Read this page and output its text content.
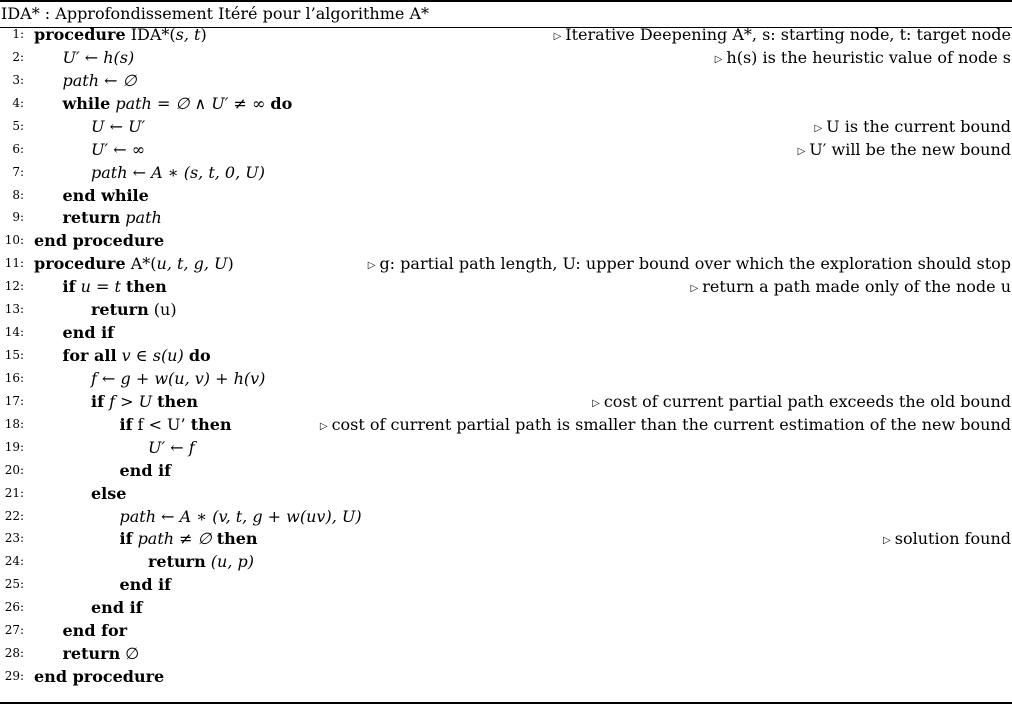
IDA* : Approfondissement Itéré pour l’algorithme A*
1: procedure IDA*(s, t)	▷ Iterative Deepening A*, s: starting node, t: target node
2: U′ ← h(s)	▷ h(s) is the heuristic value of node s
3: path ← ∅
4: while path = ∅ ∧ U′ ≠ ∞ do
5:	U ← U′	▷ U is the current bound
6:	U′ ← ∞	▷ U′ will be the new bound
7:	path ← A ∗ (s, t, 0, U)
8: end while
9: return path
10: end procedure
11: procedure A*(u, t, g, U)	▷ g: partial path length, U: upper bound over which the exploration should stop
12: if u = t then	▷ return a path made only of the node u
13:	return (u)
14: end if
15: for all v ∈ s(u) do
16:	f ← g + w(u, v) + h(v)
17:	if f > U then	▷ cost of current partial path exceeds the old bound
18:	if f < U’ then	▷ cost of current partial path is smaller than the current estimation of the new bound
19:	U′ ← f
20:	end if
21:	else
22:	path ← A ∗ (v, t, g + w(uv), U)
23:	if path ≠ ∅ then	▷ solution found
24:	return (u, p)
25:	end if
26:	end if
27: end for
28: return ∅
29: end procedure
